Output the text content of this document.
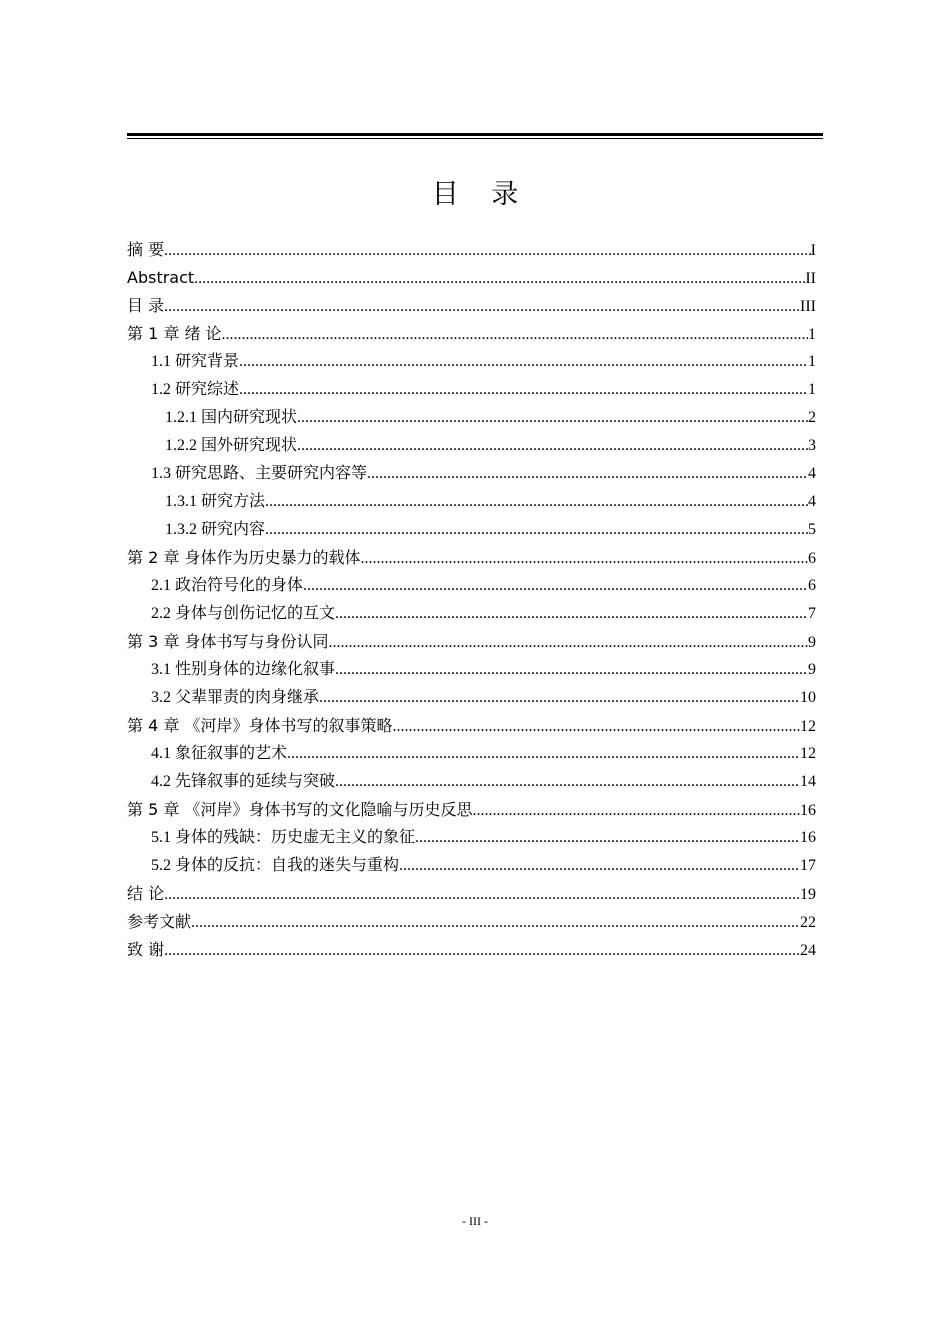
目 录
摘 要 .....	I
Abstract .....	II
目 录 .....	III
第 1 章 绪 论 .....	1
1.1 研究背景 .....	1
1.2 研究综述 .....	1
1.2.1 国内研究现状 .....	2
1.2.2 国外研究现状 .....	3
1.3 研究思路、主要研究内容等 .....	4
1.3.1 研究方法 .....	4
1.3.2 研究内容 .....	5
第 2 章 身体作为历史暴力的载体 .....	6
2.1 政治符号化的身体 .....	6
2.2 身体与创伤记忆的互文 .....	7
第 3 章 身体书写与身份认同 .....	9
3.1 性别身体的边缘化叙事 .....	9
3.2 父辈罪责的肉身继承 .....	10
第 4 章 《河岸》身体书写的叙事策略 .....	12
4.1 象征叙事的艺术 .....	12
4.2 先锋叙事的延续与突破 .....	14
第 5 章 《河岸》身体书写的文化隐喻与历史反思 .....	16
5.1 身体的残缺：历史虚无主义的象征 .....	16
5.2 身体的反抗：自我的迷失与重构 .....	17
结 论 .....	19
参考文献 .....	22
致 谢 .....	24
- III -
